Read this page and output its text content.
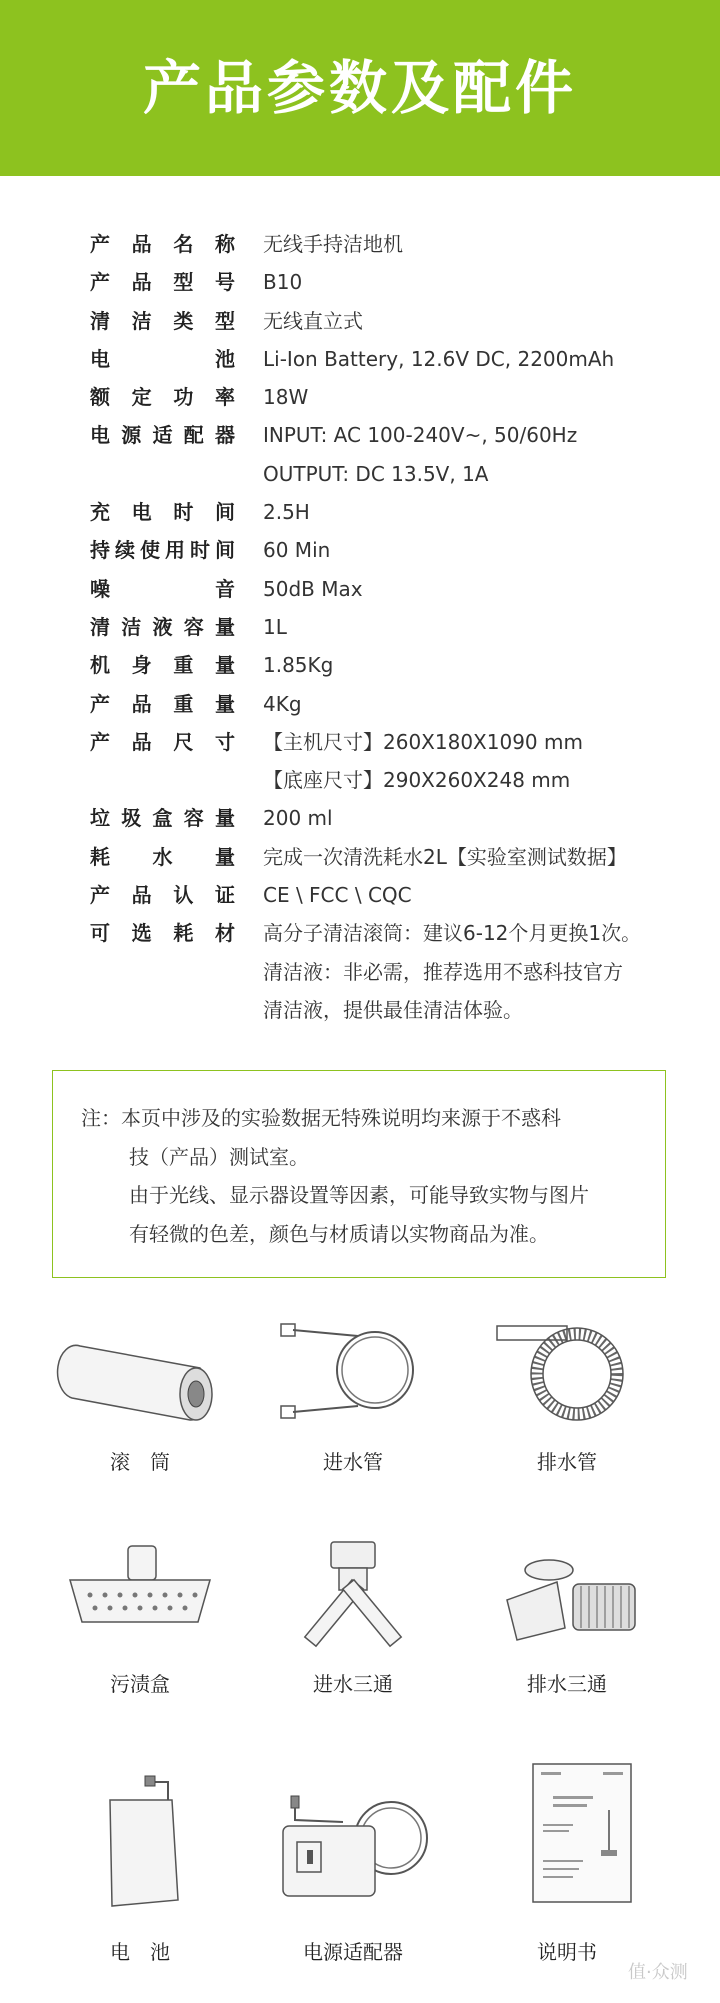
产品参数及配件
产品名称 无线手持洁地机
产品型号 B10
清洁类型 无线直立式
电池 Li-Ion Battery, 12.6V DC, 2200mAh
额定功率 18W
电源适配器 INPUT: AC 100-240V~, 50/60Hz
OUTPUT: DC 13.5V, 1A
充电时间 2.5H
持续使用时间 60 Min
噪音 50dB Max
清洁液容量 1L
机身重量 1.85Kg
产品重量 4Kg
产品尺寸 【主机尺寸】260X180X1090 mm
【底座尺寸】290X260X248 mm
垃圾盒容量 200 ml
耗水量 完成一次清洗耗水2L【实验室测试数据】
产品认证 CE \ FCC \ CQC
可选耗材 高分子清洁滚筒：建议6-12个月更换1次。
清洁液：非必需，推荐选用不惑科技官方
清洁液，提供最佳清洁体验。
注：本页中涉及的实验数据无特殊说明均来源于不惑科
技（产品）测试室。
由于光线、显示器设置等因素，可能导致实物与图片
有轻微的色差，颜色与材质请以实物商品为准。
滚　筒	进水管	排水管
污渍盒	进水三通	排水三通
电　池	电源适配器	说明书
值·众测
